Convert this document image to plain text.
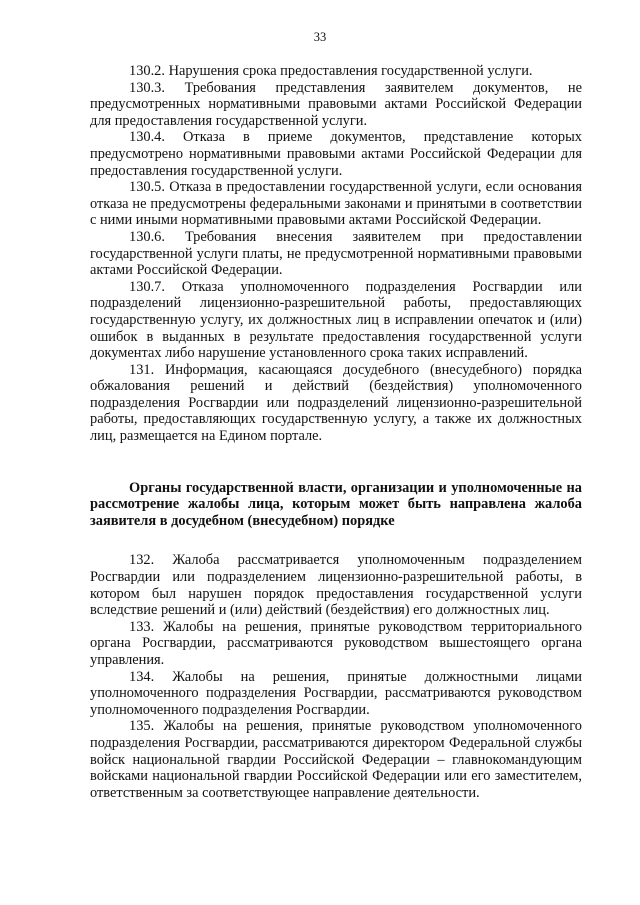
33

130.2. Нарушения срока предоставления государственной услуги.

130.3. Требования представления заявителем документов, не предусмотренных нормативными правовыми актами Российской Федерации для предоставления государственной услуги.

130.4. Отказа в приеме документов, представление которых предусмотрено нормативными правовыми актами Российской Федерации для предоставления государственной услуги.

130.5. Отказа в предоставлении государственной услуги, если основания отказа не предусмотрены федеральными законами и принятыми в соответствии с ними иными нормативными правовыми актами Российской Федерации.

130.6. Требования внесения заявителем при предоставлении государственной услуги платы, не предусмотренной нормативными правовыми актами Российской Федерации.

130.7. Отказа уполномоченного подразделения Росгвардии или подразделений лицензионно-разрешительной работы, предоставляющих государственную услугу, их должностных лиц в исправлении опечаток и (или) ошибок в выданных в результате предоставления государственной услуги документах либо нарушение установленного срока таких исправлений.

131. Информация, касающаяся досудебного (внесудебного) порядка обжалования решений и действий (бездействия) уполномоченного подразделения Росгвардии или подразделений лицензионно-разрешительной работы, предоставляющих государственную услугу, а также их должностных лиц, размещается на Едином портале.

Органы государственной власти, организации и уполномоченные на рассмотрение жалобы лица, которым может быть направлена жалоба заявителя в досудебном (внесудебном) порядке

132. Жалоба рассматривается уполномоченным подразделением Росгвардии или подразделением лицензионно-разрешительной работы, в котором был нарушен порядок предоставления государственной услуги вследствие решений и (или) действий (бездействия) его должностных лиц.

133. Жалобы на решения, принятые руководством территориального органа Росгвардии, рассматриваются руководством вышестоящего органа управления.

134. Жалобы на решения, принятые должностными лицами уполномоченного подразделения Росгвардии, рассматриваются руководством уполномоченного подразделения Росгвардии.

135. Жалобы на решения, принятые руководством уполномоченного подразделения Росгвардии, рассматриваются директором Федеральной службы войск национальной гвардии Российской Федерации – главнокомандующим войсками национальной гвардии Российской Федерации или его заместителем, ответственным за соответствующее направление деятельности.
